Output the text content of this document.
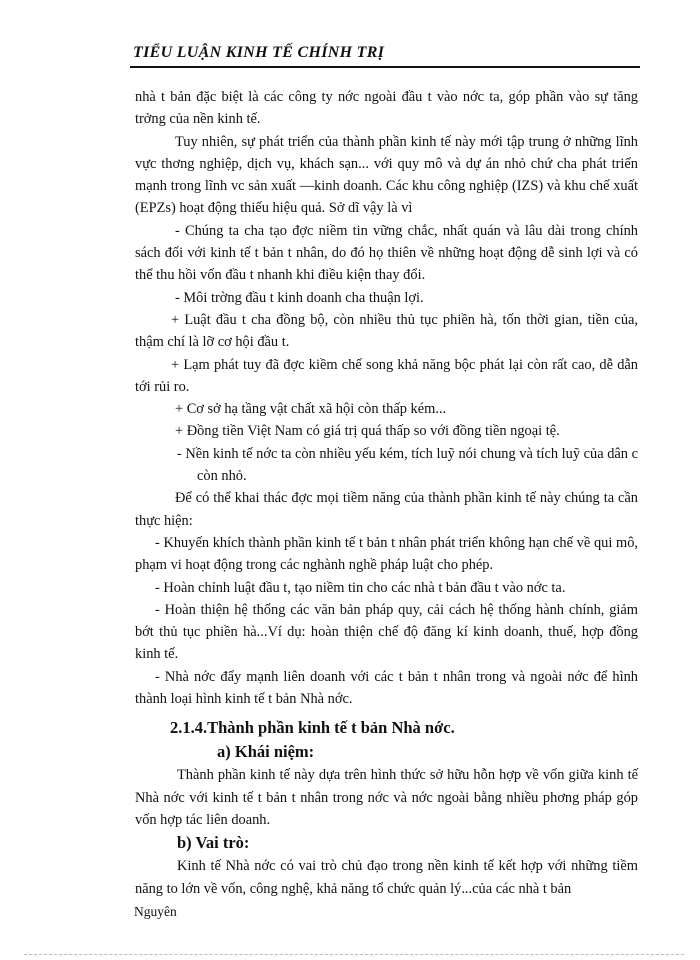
TIỂU LUẬN KINH TẾ CHÍNH TRỊ

nhà t bản đặc biệt là các công ty nớc ngoài đầu t vào nớc ta, góp phần vào sự tăng trởng của nền kinh tế.

Tuy nhiên, sự phát triển của thành phần kinh tế này mới tập trung ở những lĩnh vực thơng nghiệp, dịch vụ, khách sạn... với quy mô và dự án nhỏ chứ cha phát triển mạnh trong lĩnh vc sản xuất —kinh doanh. Các khu công nghiệp (IZS) và khu chế xuất (EPZs) hoạt động thiếu hiệu quả. Sở dĩ vậy là vì

- Chúng ta cha tạo đợc niềm tin vững chắc, nhất quán và lâu dài trong chính sách đối với kinh tế t bản t nhân, do đó họ thiên về những hoạt động dễ sinh lợi và có thể thu hồi vốn đầu t nhanh khi điều kiện thay đổi.

- Môi trờng đầu t kinh doanh cha thuận lợi.

+ Luật đầu t cha đồng bộ, còn nhiều thủ tục phiền hà, tốn thời gian, tiền của, thậm chí là lỡ cơ hội đầu t.

+ Lạm phát tuy đã đợc kiềm chế song khả năng bộc phát lại còn rất cao, dễ dẫn tới rủi ro.

+ Cơ sở hạ tầng vật chất xã hội còn thấp kém...

+ Đồng tiền Việt Nam có giá trị quá thấp so với đồng tiền ngoại tệ.

- Nền kinh tế nớc ta còn nhiều yếu kém, tích luỹ nói chung và tích luỹ của dân c còn nhỏ.

Để có thể khai thác đợc mọi tiềm năng của thành phần kinh tế này chúng ta cần thực hiện:

- Khuyến khích thành phần kinh tế t bản t nhân phát triển không hạn chế về qui mô, phạm vi hoạt động trong các nghành nghề pháp luật cho phép.

- Hoàn chỉnh luật đầu t, tạo niềm tin cho các nhà t bản đầu t vào nớc ta.

- Hoàn thiện hệ thống các văn bản pháp quy, cải cách hệ thống hành chính, giảm bớt thủ tục phiền hà...Ví dụ: hoàn thiện chế độ đăng kí kinh doanh, thuế, hợp đồng kinh tế.

- Nhà nớc đẩy mạnh liên doanh với các t bản t nhân trong và ngoài nớc để hình thành loại hình kinh tế t bản Nhà nớc.

2.1.4.Thành phần kinh tế t bản Nhà nớc.

a) Khái niệm:

Thành phần kinh tế này dựa trên hình thức sở hữu hỗn hợp về vốn giữa kinh tế Nhà nớc với kinh tế t bản t nhân trong nớc và nớc ngoài bằng nhiều phơng pháp góp vốn hợp tác liên doanh.

b) Vai trò:

Kinh tế Nhà nớc có vai trò chủ đạo trong nền kinh tế kết hợp với những tiềm năng to lớn về vốn, công nghệ, khả năng tổ chức quản lý...của các nhà t bản

Nguyên
